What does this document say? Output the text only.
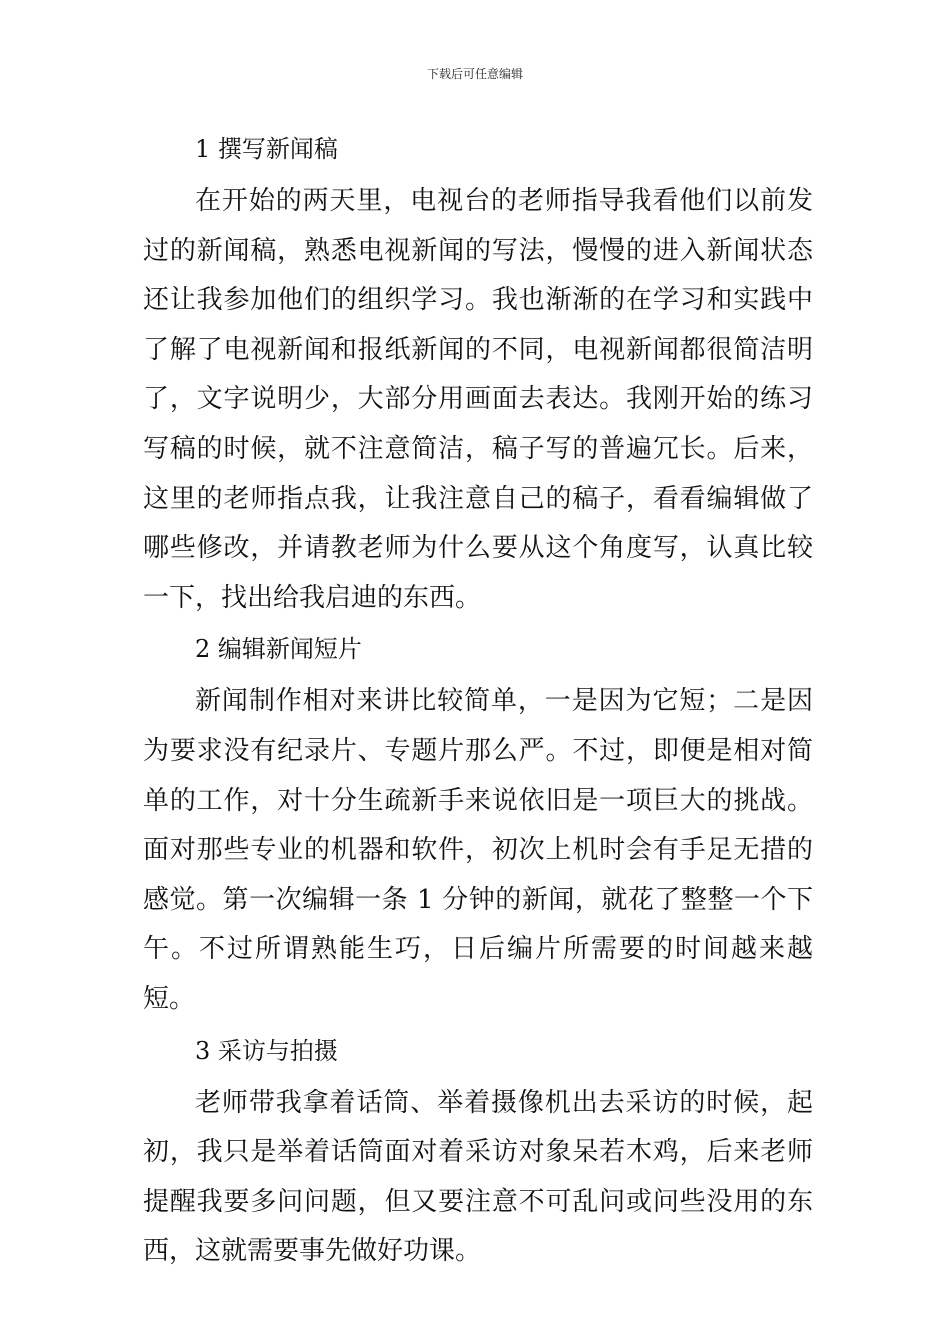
下载后可任意编辑
1 撰写新闻稿

在开始的两天里，电视台的老师指导我看他们以前发过的新闻稿，熟悉电视新闻的写法，慢慢的进入新闻状态还让我参加他们的组织学习。我也渐渐的在学习和实践中了解了电视新闻和报纸新闻的不同，电视新闻都很简洁明了，文字说明少，大部分用画面去表达。我刚开始的练习写稿的时候，就不注意简洁，稿子写的普遍冗长。后来，这里的老师指点我，让我注意自己的稿子，看看编辑做了哪些修改，并请教老师为什么要从这个角度写，认真比较一下，找出给我启迪的东西。

2 编辑新闻短片

新闻制作相对来讲比较简单，一是因为它短；二是因为要求没有纪录片、专题片那么严。不过，即便是相对简单的工作，对十分生疏新手来说依旧是一项巨大的挑战。面对那些专业的机器和软件，初次上机时会有手足无措的感觉。第一次编辑一条 1 分钟的新闻，就花了整整一个下午。不过所谓熟能生巧，日后编片所需要的时间越来越短。

3 采访与拍摄

老师带我拿着话筒、举着摄像机出去采访的时候，起初，我只是举着话筒面对着采访对象呆若木鸡，后来老师提醒我要多问问题，但又要注意不可乱问或问些没用的东西，这就需要事先做好功课。
